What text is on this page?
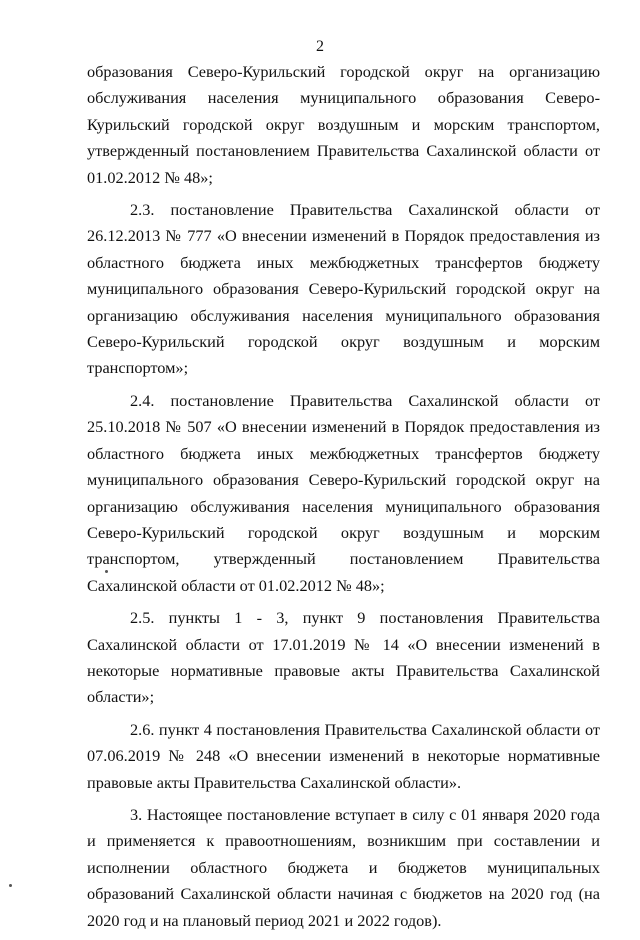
2

образования Северо-Курильский городской округ на организацию обслуживания населения муниципального образования Северо-Курильский городской округ воздушным и морским транспортом, утвержденный постановлением Правительства Сахалинской области от 01.02.2012 № 48»;

2.3. постановление Правительства Сахалинской области от 26.12.2013 № 777 «О внесении изменений в Порядок предоставления из областного бюджета иных межбюджетных трансфертов бюджету муниципального образования Северо-Курильский городской округ на организацию обслуживания населения муниципального образования Северо-Курильский городской округ воздушным и морским транспортом»;

2.4. постановление Правительства Сахалинской области от 25.10.2018 № 507 «О внесении изменений в Порядок предоставления из областного бюджета иных межбюджетных трансфертов бюджету муниципального образования Северо-Курильский городской округ на организацию обслуживания населения муниципального образования Северо-Курильский городской округ воздушным и морским транспортом, утвержденный постановлением Правительства Сахалинской области от 01.02.2012 № 48»;

2.5. пункты 1 - 3, пункт 9 постановления Правительства Сахалинской области от 17.01.2019 № 14 «О внесении изменений в некоторые нормативные правовые акты Правительства Сахалинской области»;

2.6. пункт 4 постановления Правительства Сахалинской области от 07.06.2019 № 248 «О внесении изменений в некоторые нормативные правовые акты Правительства Сахалинской области».

3. Настоящее постановление вступает в силу с 01 января 2020 года и применяется к правоотношениям, возникшим при составлении и исполнении областного бюджета и бюджетов муниципальных образований Сахалинской области начиная с бюджетов на 2020 год (на 2020 год и на плановый период 2021 и 2022 годов).
